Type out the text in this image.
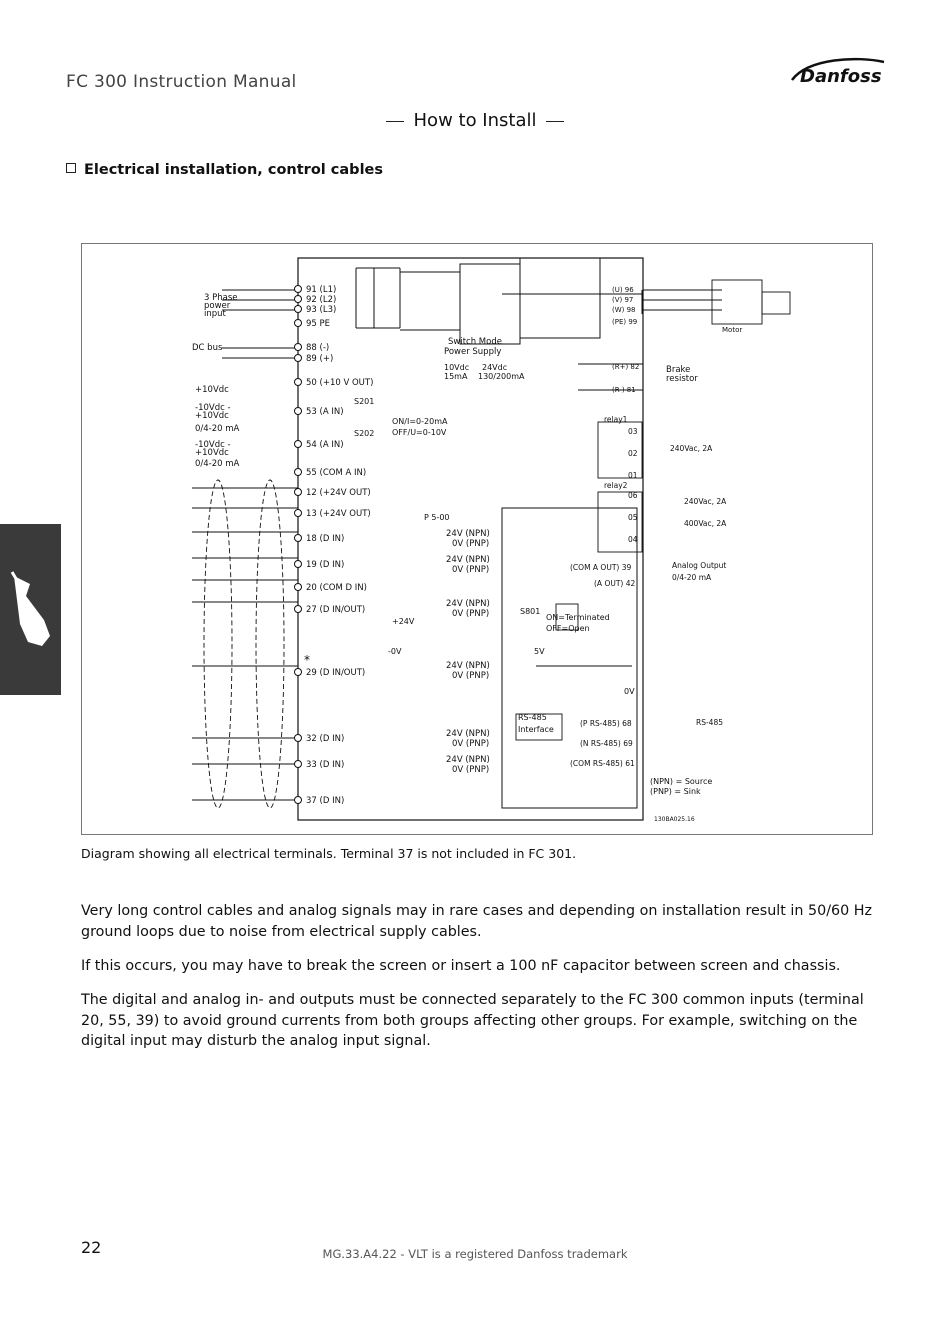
FC 300 Instruction Manual	Danfoss
How to Install
Electrical installation, control cables
91 (L1)
92 (L2)
93 (L3)
95 PE
88 (-)
89 (+)
50 (+10 V OUT)
53 (A IN)
54 (A IN)
55 (COM A IN)
12 (+24V OUT)
13 (+24V OUT)
18 (D IN)
19 (D IN)
20 (COM D IN)
27 (D IN/OUT)
29 (D IN/OUT)
32 (D IN)
33 (D IN)
37 (D IN)
3 Phase
power
input
DC bus
+10Vdc
-10Vdc -
+10Vdc
0/4-20 mA
-10Vdc -
+10Vdc
0/4-20 mA
S201
S202
ON/I=0-20mA
OFF/U=0-10V
P 5-00
S801
ON=Terminated
OFF=Open
5V
0V
RS-485
Interface
Switch Mode
Power Supply
10Vdc 24Vdc
15mA 130/200mA
24V (NPN)
0V (PNP)
24V (NPN)
0V (PNP)
24V (NPN)
0V (PNP)
24V (NPN)
0V (PNP)
24V (NPN)
0V (PNP)
24V (NPN)
0V (PNP)
(U) 96
(V) 97
(W) 98
(PE) 99
Motor
(R+) 82
(R-) 81
Brake
resistor
relay1
03
02
01
relay2
06
05
04
240Vac, 2A
240Vac, 2A
400Vac, 2A
(COM A OUT) 39
(A OUT) 42
Analog Output
0/4-20 mA
(P RS-485) 68
(N RS-485) 69
(COM RS-485) 61
RS-485
(NPN) = Source
(PNP) = Sink
130BA025.16
+24V
-0V
*
Diagram showing all electrical terminals. Terminal 37 is not included in FC 301.
Very long control cables and analog signals may in rare cases and depending on installation result in 50/60 Hz ground loops due to noise from electrical supply cables.
If this occurs, you may have to break the screen or insert a 100 nF capacitor between screen and chassis.
The digital and analog in- and outputs must be connected separately to the FC 300 common inputs (terminal 20, 55, 39) to avoid ground currents from both groups affecting other groups. For example, switching on the digital input may disturb the analog input signal.
22	MG.33.A4.22 - VLT is a registered Danfoss trademark
